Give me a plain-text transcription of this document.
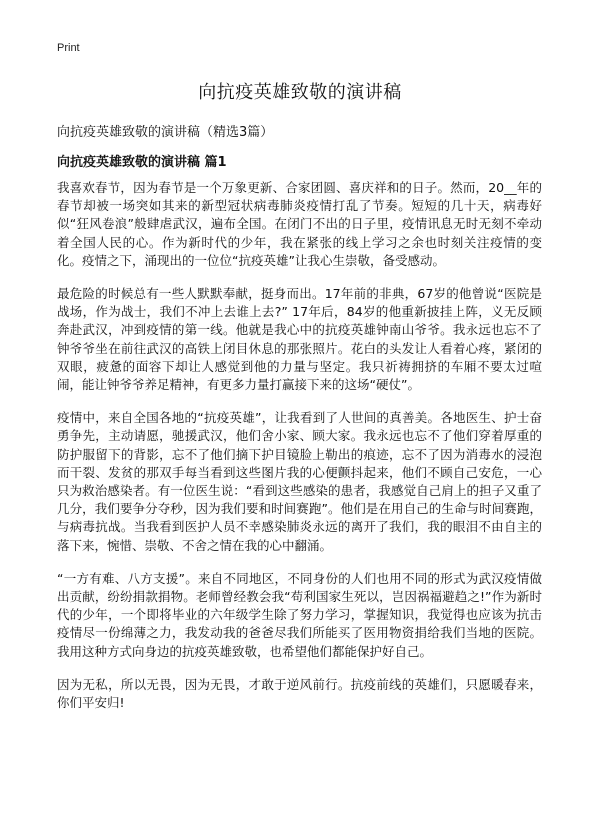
Print
向抗疫英雄致敬的演讲稿

向抗疫英雄致敬的演讲稿（精选3篇）

向抗疫英雄致敬的演讲稿 篇1

我喜欢春节，因为春节是一个万象更新、合家团圆、喜庆祥和的日子。然而，20__年的春节却被一场突如其来的新型冠状病毒肺炎疫情打乱了节奏。短短的几十天，病毒好似“狂风卷浪”般肆虐武汉，遍布全国。在闭门不出的日子里，疫情讯息无时无刻不牵动着全国人民的心。作为新时代的少年，我在紧张的线上学习之余也时刻关注疫情的变化。疫情之下，涌现出的一位位“抗疫英雄”让我心生崇敬，备受感动。

最危险的时候总有一些人默默奉献，挺身而出。17年前的非典，67岁的他曾说“医院是战场，作为战士，我们不冲上去谁上去?” 17年后，84岁的他重新披挂上阵，义无反顾奔赴武汉，冲到疫情的第一线。他就是我心中的抗疫英雄钟南山爷爷。我永远也忘不了钟爷爷坐在前往武汉的高铁上闭目休息的那张照片。花白的头发让人看着心疼，紧闭的双眼，疲惫的面容下却让人感觉到他的力量与坚定。我只祈祷拥挤的车厢不要太过喧闹，能让钟爷爷养足精神，有更多力量打赢接下来的这场“硬仗”。

疫情中，来自全国各地的“抗疫英雄”，让我看到了人世间的真善美。各地医生、护士奋勇争先，主动请愿，驰援武汉，他们舍小家、顾大家。我永远也忘不了他们穿着厚重的防护服留下的背影，忘不了他们摘下护目镜脸上勒出的痕迹，忘不了因为消毒水的浸泡而干裂、发贫的那双手每当看到这些图片我的心便颤抖起来，他们不顾自己安危，一心只为救治感染者。有一位医生说：“看到这些感染的患者，我感觉自己肩上的担子又重了几分，我们要争分夺秒，因为我们要和时间赛跑”。他们是在用自己的生命与时间赛跑，与病毒抗战。当我看到医护人员不幸感染肺炎永远的离开了我们，我的眼泪不由自主的落下来，惋惜、崇敬、不舍之情在我的心中翻涌。

“一方有难、八方支援”。来自不同地区，不同身份的人们也用不同的形式为武汉疫情做出贡献，纷纷捐款捐物。老师曾经教会我“苟利国家生死以，岂因祸福避趋之!”作为新时代的少年，一个即将毕业的六年级学生除了努力学习，掌握知识，我觉得也应该为抗击疫情尽一份绵薄之力，我发动我的爸爸尽我们所能买了医用物资捐给我们当地的医院。我用这种方式向身边的抗疫英雄致敬，也希望他们都能保护好自己。

因为无私，所以无畏，因为无畏，才敢于逆风前行。抗疫前线的英雄们，只愿暖春来，你们平安归!
